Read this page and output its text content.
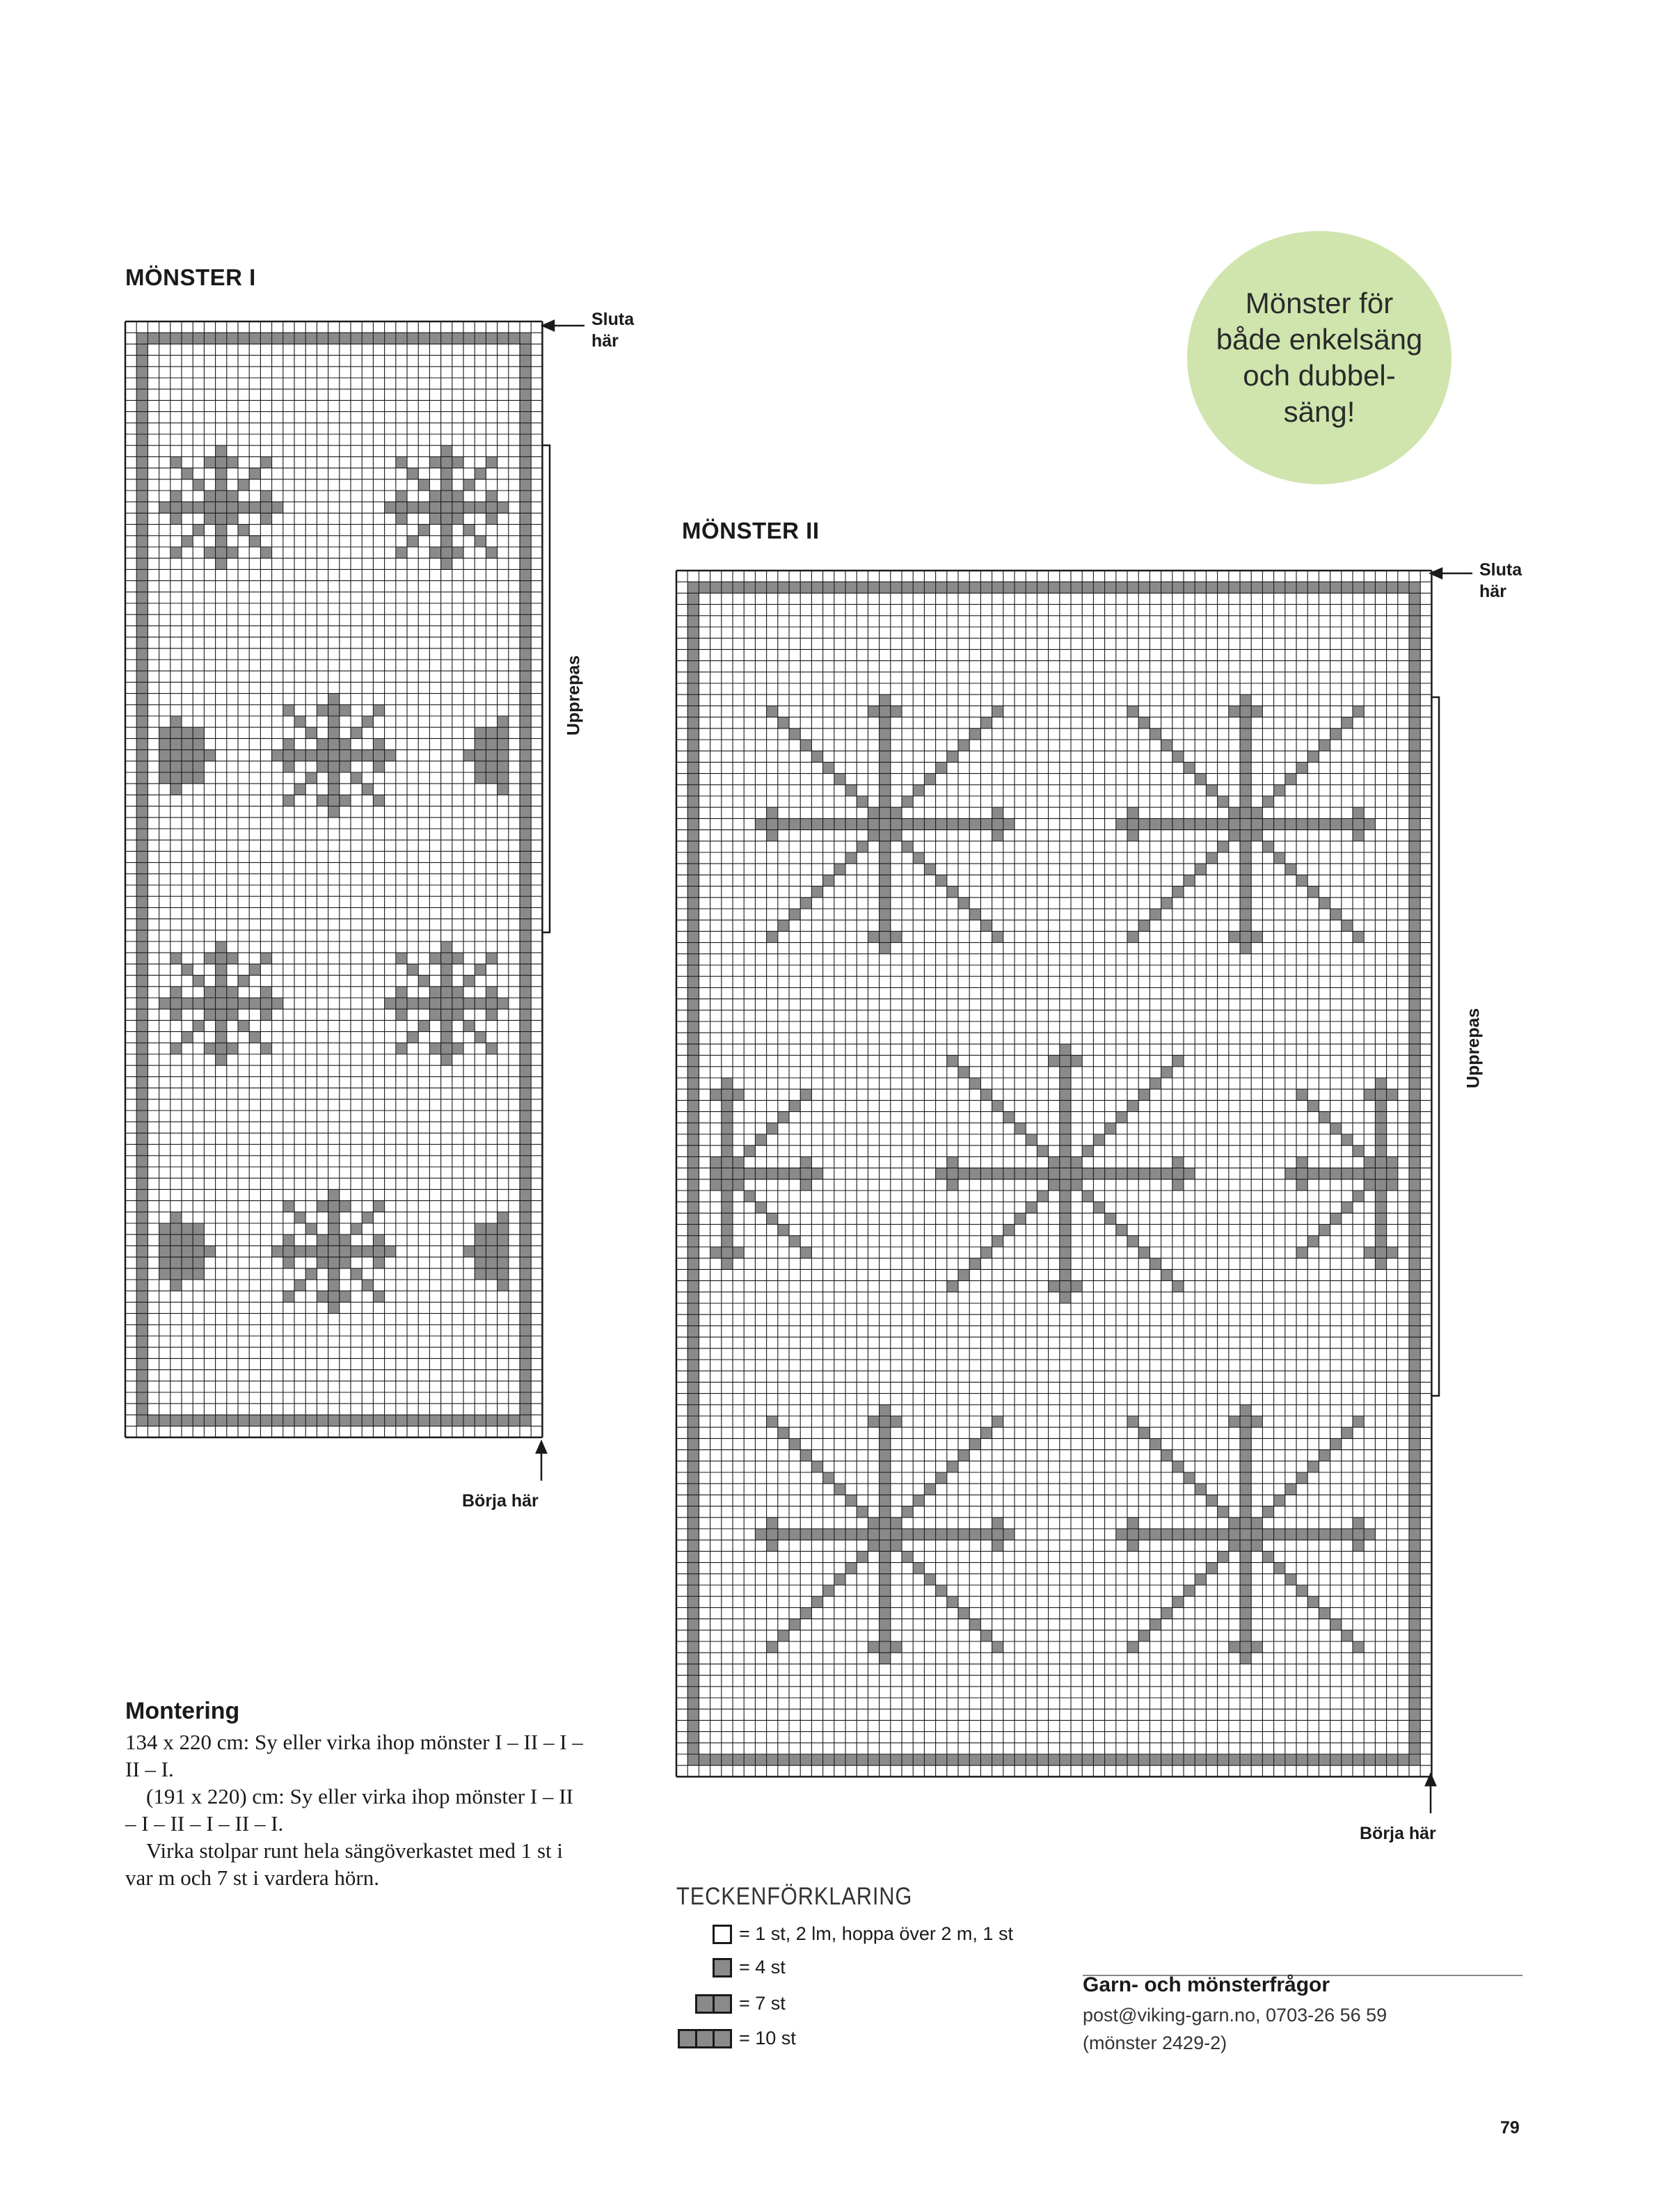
MÖNSTER I
Sluta
här
Börja här
Upprepas
Mönster för både enkelsäng och dubbel-säng!
MÖNSTER II
Sluta
här
Börja här
Upprepas
Montering

134 x 220 cm: Sy eller virka ihop mönster I – II – I – II – I.

(191 x 220) cm: Sy eller virka ihop mönster I – II – I – II – I – II – I.

Virka stolpar runt hela sängöverkastet med 1 st i var m och 7 st i vardera hörn.

TECKENFÖRKLARING
= 1 st, 2 lm, hoppa över 2 m, 1 st
= 4 st
= 7 st
= 10 st
Garn- och mönsterfrågor
post@viking-garn.no, 0703-26 56 59
(mönster 2429-2)
79
